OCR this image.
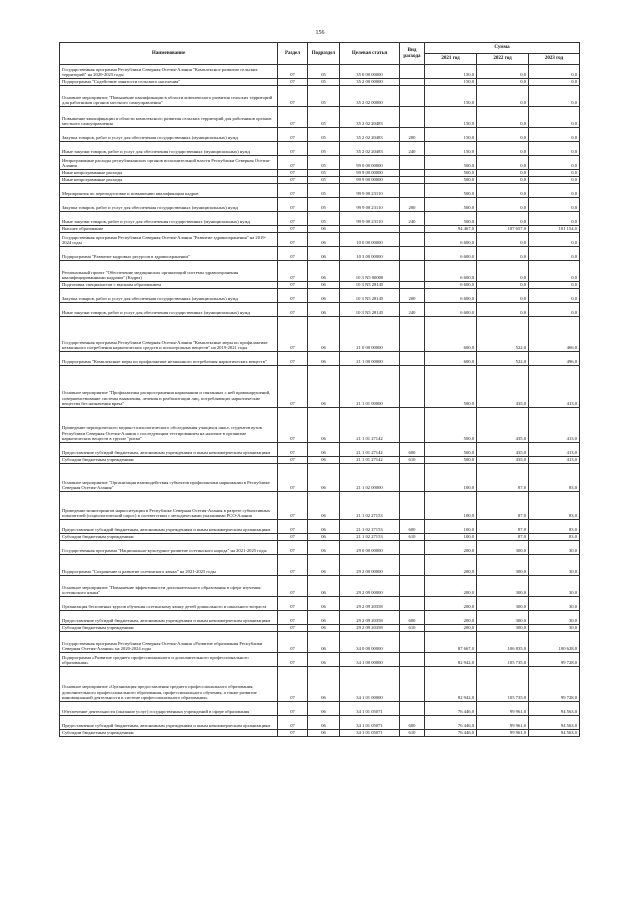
156
Наименование	Раздел	Подраздел	Целевая статья	Вид расхода	Сумма		
					2021 год	2022 год	2023 год
Государственная программа Республики Северная Осетия-Алания "Комплексное развитие сельских территорий" на 2020-2025 годы	07	05	35 0 00 00000		150,0	0,0	0,0
Подпрограмма "Содействие занятости сельского населения"	07	05	35 2 00 00000		150,0	0,0	0,0
Основное мероприятие "Повышение квалификации в области комплексного развития сельских территорий для работников органов местного самоуправления"	07	05	35 2 02 00000		150,0	0,0	0,0
Повышение квалификации в области комплексного развития сельских территорий для работников органов местного самоуправления	07	05	35 2 02 20483		150,0	0,0	0,0
Закупка товаров, работ и услуг для обеспечения государственных (муниципальных) нужд	07	05	35 2 02 20483	200	150,0	0,0	0,0
Иные закупки товаров, работ и услуг для обеспечения государственных (муниципальных) нужд	07	05	35 2 02 20483	240	150,0	0,0	0,0
Непрограммные расходы республиканских органов исполнительной власти Республики Северная Осетия-Алания	07	05	99 0 00 00000		500,0	0,0	0,0
Иные непрограммные расходы	07	05	99 9 00 00000		500,0	0,0	0,0
Иные непрограммные расходы	07	05	99 9 00 00000		500,0	0,0	0,0
Мероприятия по переподготовке и повышению квалификации кадров	07	05	99 9 00 23110		500,0	0,0	0,0
Закупка товаров, работ и услуг для обеспечения государственных (муниципальных) нужд	07	05	99 9 00 23110	200	500,0	0,0	0,0
Иные закупки товаров, работ и услуг для обеспечения государственных (муниципальных) нужд	07	05	99 9 00 23110	240	500,0	0,0	0,0
Высшее образование	07	06			94 467,0	107 657,0	101 154,0
Государственная программа Республики Северная Осетия-Алания "Развитие здравоохранения" на 2019-2024 годы	07	06	10 0 00 00000		6 600,0	0,0	0,0
Подпрограмма "Развитие кадровых ресурсов в здравоохранении"	07	06	10 3 00 00000		6 600,0	0,0	0,0
Региональный проект "Обеспечение медицинских организаций системы здравоохранения квалифицированными кадрами" (Кадры)	07	06	10 3 N5 00000		6 600,0	0,0	0,0
Подготовка специалистов с высшим образованием	07	06	10 3 N5 28145		6 600,0	0,0	0,0
Закупка товаров, работ и услуг для обеспечения государственных (муниципальных) нужд	07	06	10 3 N5 28145	200	6 600,0	0,0	0,0
Иные закупки товаров, работ и услуг для обеспечения государственных (муниципальных) нужд	07	06	10 3 N5 28145	240	6 600,0	0,0	0,0
Государственная программа Республики Северная Осетия-Алания "Комплексные меры по профилактике незаконного потребления наркотических средств и психотропных веществ" на 2019-2021 годы	07	06	21 0 00 00000		600,0	522,0	466,0
Подпрограмма "Комплексные меры по профилактике незаконного потребления наркотических веществ"	07	06	21 1 00 00000		600,0	522,0	496,0
Основное мероприятие "Профилактика распространения наркомании и связанных с ней правонарушений, совершенствование системы выявления, лечения и реабилитации лиц, потребляющих наркотические вещества без назначения врача"	07	06	21 1 01 00000		500,0	435,0	413,0
Проведение периодического медико-психологического обследования учащихся школ, студентов вузов Республики Северная Осетия-Алания с последующим тестированием на наличие в организме наркотических веществ в группе "риска"	07	06	21 1 01 27142		500,0	435,0	413,0
Предоставление субсидий бюджетным, автономным учреждениям и иным некоммерческим организациям	07	06	21 1 01 27142	600	500,0	435,0	413,0
Субсидии бюджетным учреждениям	07	06	21 1 01 27142	610	500,0	435,0	413,0
Основное мероприятие "Организация взаимодействия субъектов профилактики наркомании в Республике Северная Осетия-Алания"	07	06	21 1 02 00000		100,0	87,0	83,0
Проведение мониторингов наркоситуации в Республике Северная Осетия-Алания в разрезе субъективных показателей (социологический опрос) в соответствии с методическими указаниями РСО-Алания	07	06	21 1 02 27153		100,0	87,0	83,0
Предоставление субсидий бюджетным, автономным учреждениям и иным некоммерческим организациям	07	06	21 1 02 27153	600	100,0	87,0	83,0
Субсидии бюджетным учреждениям	07	06	21 1 02 27153	610	100,0	87,0	83,0
Государственная программа "Национально-культурное развитие осетинского народа" на 2021-2025 годы	07	06	29 0 00 00000		200,0	300,0	30,0
Подпрограмма "Сохранение и развитие осетинского языка" на 2021-2025 годы	07	06	29 2 00 00000		200,0	300,0	30,0
Основное мероприятие "Повышение эффективности дополнительного образования в сфере изучения осетинского языка"	07	06	29 2 09 00000		200,0	300,0	30,0
Организация бесплатных курсов обучения осетинскому языку детей дошкольного и школьного возраста	07	06	29 2 09 20358		200,0	300,0	30,0
Предоставление субсидий бюджетным, автономным учреждениям и иным некоммерческим организациям	07	06	29 2 09 20358	600	200,0	300,0	30,0
Субсидии бюджетным учреждениям	07	06	29 2 09 20358	610	200,0	300,0	30,0
Государственная программа Республики Северная Осетия-Алания «Развитие образования Республики Северная Осетия-Алания» на 2020-2024 годы	07	06	34 0 00 00000		87 667,0	106 835,0	100 628,0
Подпрограмма «Развитие среднего профессионального и дополнительного профессионального образования»	07	06	34 1 00 00000		82 942,0	105 735,0	99 728,0
Основное мероприятие «Организация предоставления среднего профессионального образования, дополнительного профессионального образования, профессионального обучения, а также развитие инновационной деятельности в системе профессионального образования»	07	06	34 1 01 00000		82 942,0	105 735,0	99 728,0
Обеспечение деятельности (оказание услуг) государственных учреждений в сфере образования	07	06	34 1 01 05071		76 446,0	99 961,0	94 563,0
Предоставление субсидий бюджетным, автономным учреждениям и иным некоммерческим организациям	07	06	34 1 01 05071	600	76 446,0	99 961,0	94 563,0
Субсидии бюджетным учреждениям	07	06	34 1 01 05071	610	76 446,0	99 961,0	94 563,0
